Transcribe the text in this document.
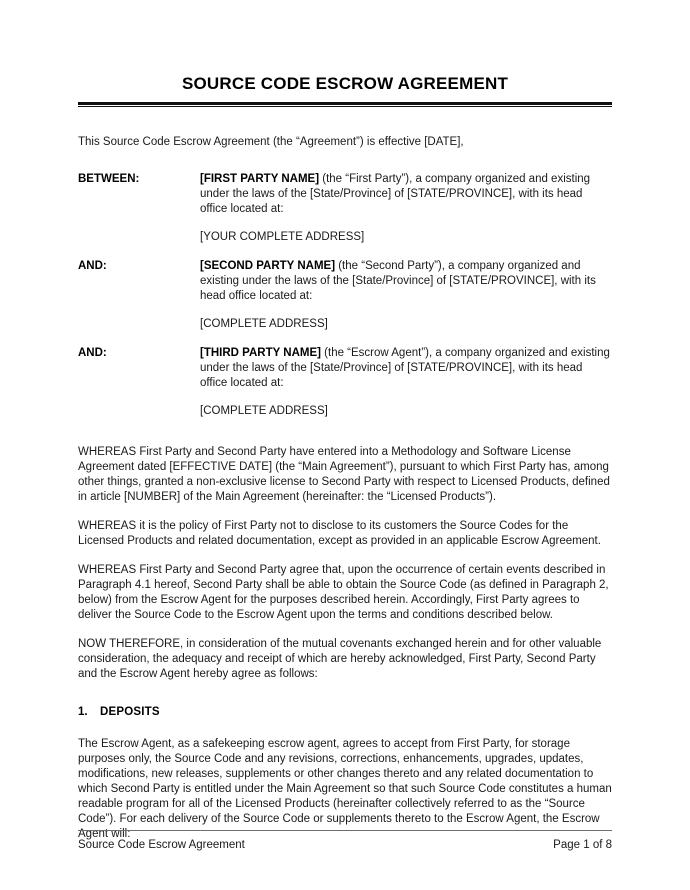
SOURCE CODE ESCROW AGREEMENT

This Source Code Escrow Agreement (the “Agreement”) is effective [DATE],

BETWEEN:	[FIRST PARTY NAME] (the “First Party”), a company organized and existing under the laws of the [State/Province] of [STATE/PROVINCE], with its head office located at:
[YOUR COMPLETE ADDRESS]
AND:	[SECOND PARTY NAME] (the “Second Party”), a company organized and existing under the laws of the [State/Province] of [STATE/PROVINCE], with its head office located at:
[COMPLETE ADDRESS]
AND:	[THIRD PARTY NAME] (the “Escrow Agent”), a company organized and existing under the laws of the [State/Province] of [STATE/PROVINCE], with its head office located at:
[COMPLETE ADDRESS]

WHEREAS First Party and Second Party have entered into a Methodology and Software License Agreement dated [EFFECTIVE DATE] (the “Main Agreement”), pursuant to which First Party has, among other things, granted a non-exclusive license to Second Party with respect to Licensed Products, defined in article [NUMBER] of the Main Agreement (hereinafter: the “Licensed Products”).

WHEREAS it is the policy of First Party not to disclose to its customers the Source Codes for the Licensed Products and related documentation, except as provided in an applicable Escrow Agreement.

WHEREAS First Party and Second Party agree that, upon the occurrence of certain events described in Paragraph 4.1 hereof, Second Party shall be able to obtain the Source Code (as defined in Paragraph 2, below) from the Escrow Agent for the purposes described herein. Accordingly, First Party agrees to deliver the Source Code to the Escrow Agent upon the terms and conditions described below.

NOW THEREFORE, in consideration of the mutual covenants exchanged herein and for other valuable consideration, the adequacy and receipt of which are hereby acknowledged, First Party, Second Party and the Escrow Agent hereby agree as follows:

1.	DEPOSITS

The Escrow Agent, as a safekeeping escrow agent, agrees to accept from First Party, for storage purposes only, the Source Code and any revisions, corrections, enhancements, upgrades, updates, modifications, new releases, supplements or other changes thereto and any related documentation to which Second Party is entitled under the Main Agreement so that such Source Code constitutes a human readable program for all of the Licensed Products (hereinafter collectively referred to as the “Source Code”). For each delivery of the Source Code or supplements thereto to the Escrow Agent, the Escrow Agent will:

Source Code Escrow Agreement	Page 1 of 8
